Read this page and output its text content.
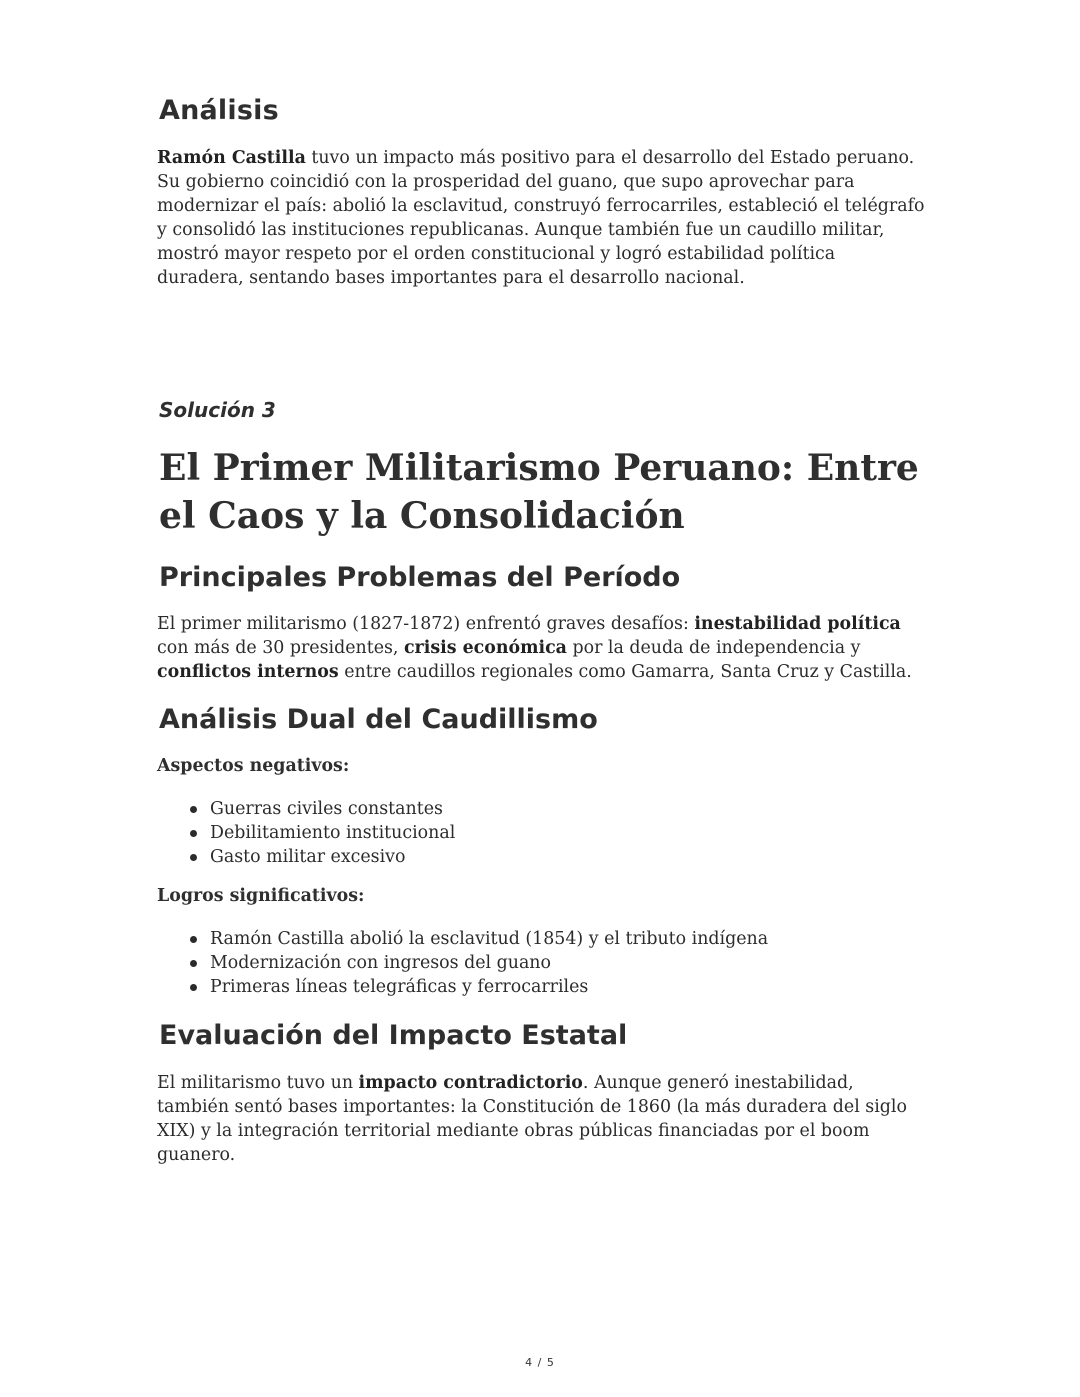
Análisis

Ramón Castilla tuvo un impacto más positivo para el desarrollo del Estado peruano. Su gobierno coincidió con la prosperidad del guano, que supo aprovechar para modernizar el país: abolió la esclavitud, construyó ferrocarriles, estableció el telégrafo y consolidó las instituciones republicanas. Aunque también fue un caudillo militar, mostró mayor respeto por el orden constitucional y logró estabilidad política duradera, sentando bases importantes para el desarrollo nacional.

Solución 3
El Primer Militarismo Peruano: Entre el Caos y la Consolidación
Principales Problemas del Período

El primer militarismo (1827-1872) enfrentó graves desafíos: inestabilidad política con más de 30 presidentes, crisis económica por la deuda de independencia y conflictos internos entre caudillos regionales como Gamarra, Santa Cruz y Castilla.

Análisis Dual del Caudillismo
Aspectos negativos:
Guerras civiles constantes
Debilitamiento institucional
Gasto militar excesivo
Logros significativos:
Ramón Castilla abolió la esclavitud (1854) y el tributo indígena
Modernización con ingresos del guano
Primeras líneas telegráficas y ferrocarriles
Evaluación del Impacto Estatal

El militarismo tuvo un impacto contradictorio. Aunque generó inestabilidad, también sentó bases importantes: la Constitución de 1860 (la más duradera del siglo XIX) y la integración territorial mediante obras públicas financiadas por el boom guanero.

4 / 5
